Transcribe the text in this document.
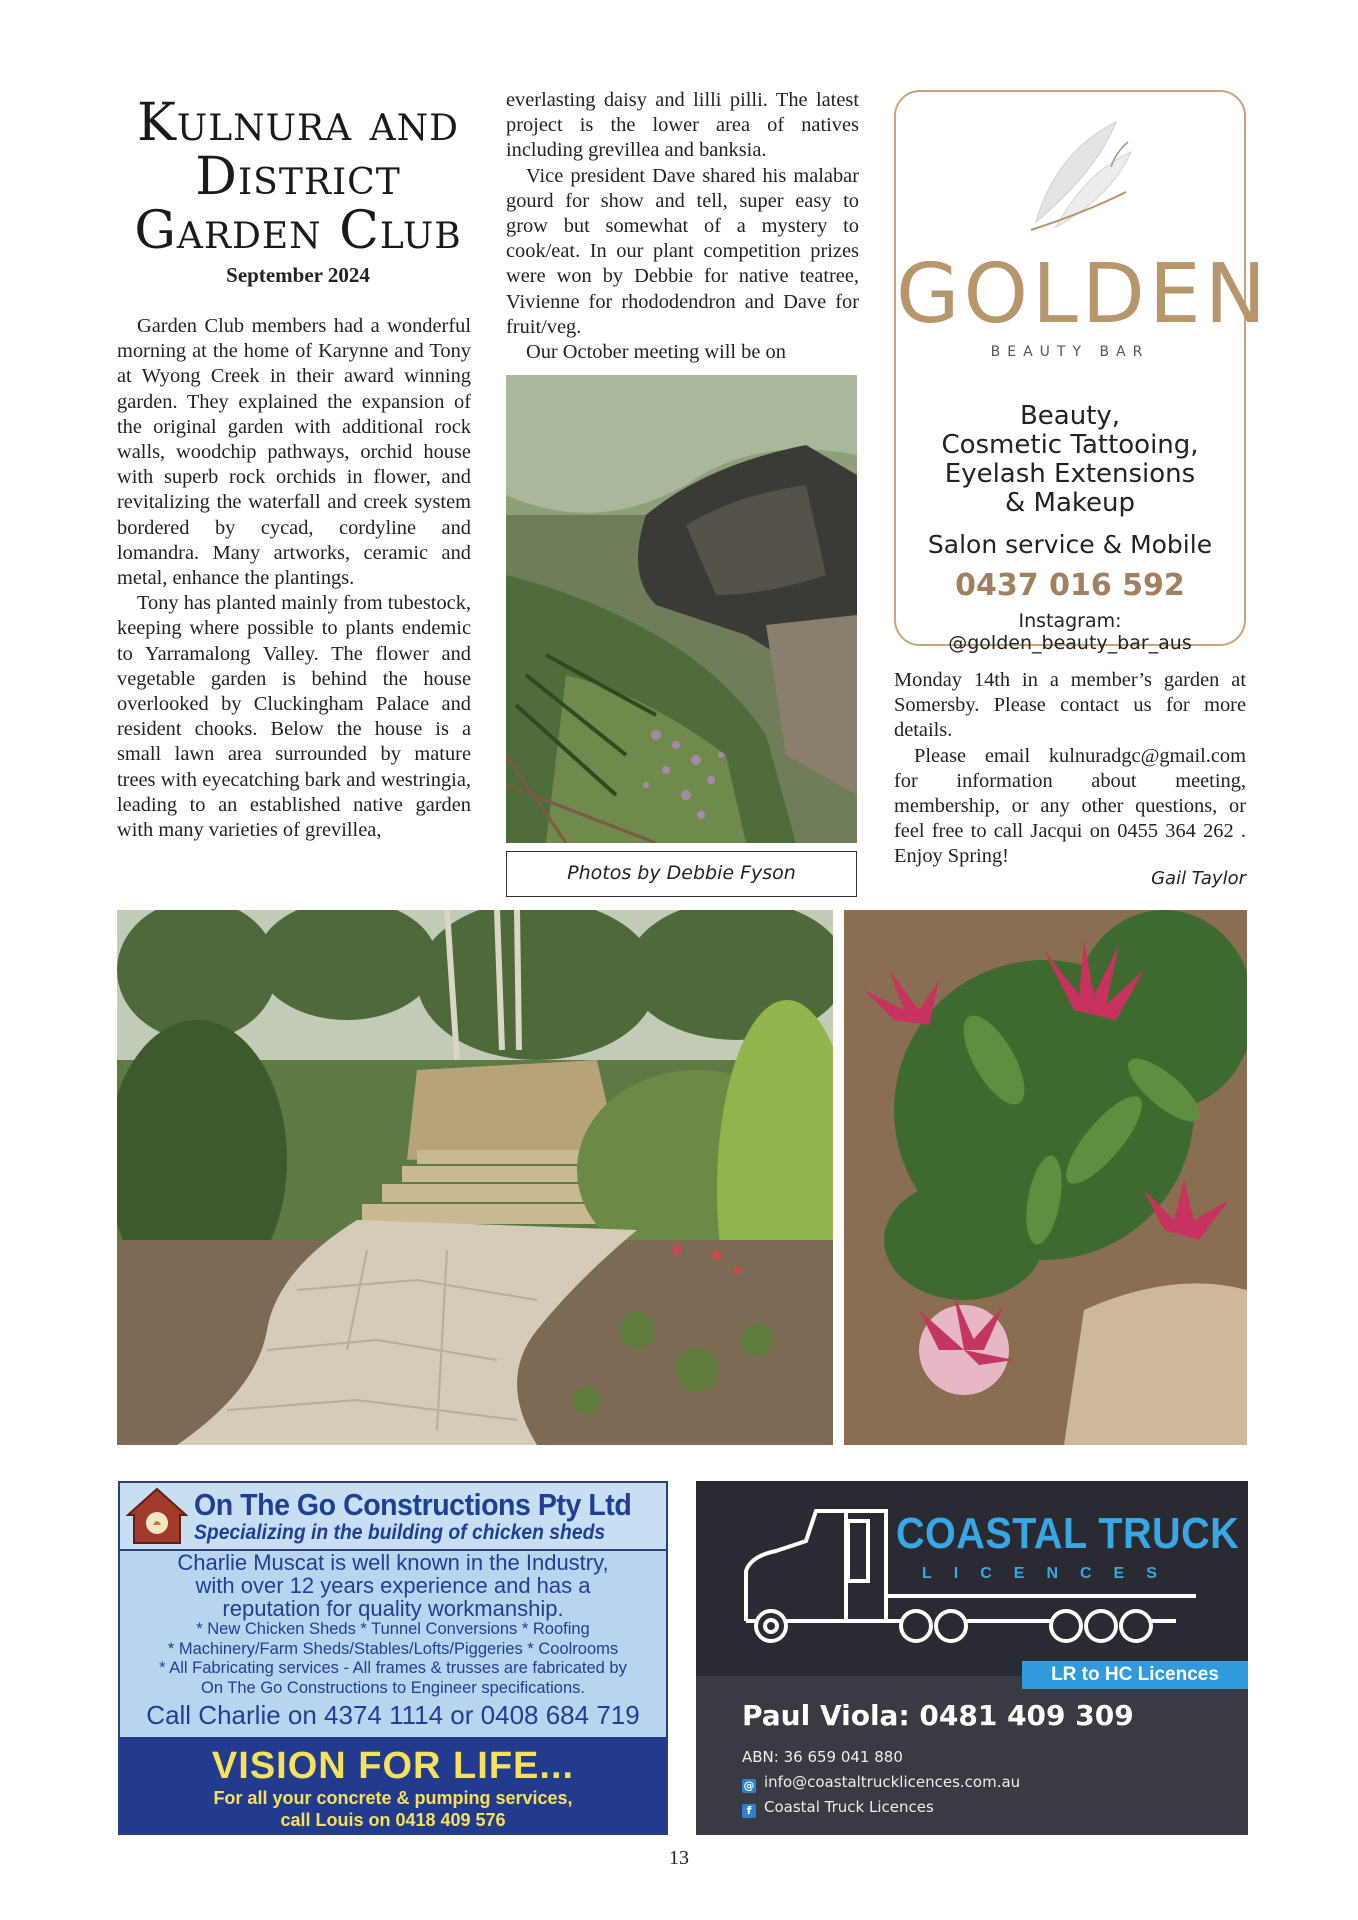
Kulnura and
District
Garden Club
September 2024

Garden Club members had a wonderful morning at the home of Karynne and Tony at Wyong Creek in their award winning garden. They explained the expansion of the original garden with additional rock walls, woodchip pathways, orchid house with superb rock orchids in flower, and revitalizing the waterfall and creek system bordered by cycad, cordyline and lomandra. Many artworks, ceramic and metal, enhance the plantings.

Tony has planted mainly from tubestock, keeping where possible to plants endemic to Yarramalong Valley. The flower and vegetable garden is behind the house overlooked by Cluckingham Palace and resident chooks. Below the house is a small lawn area surrounded by mature trees with eyecatching bark and westringia, leading to an established native garden with many varieties of grevillea,

everlasting daisy and lilli pilli. The latest project is the lower area of natives including grevillea and banksia.

Vice president Dave shared his malabar gourd for show and tell, super easy to grow but somewhat of a mystery to cook/eat. In our plant competition prizes were won by Debbie for native teatree, Vivienne for rhododendron and Dave for fruit/veg.

Our October meeting will be on

Photos by Debbie Fyson
GOLDEN
BEAUTY BAR
Beauty,
Cosmetic Tattooing,
Eyelash Extensions
& Makeup
Salon service & Mobile
0437 016 592
Instagram: @golden_beauty_bar_aus

Monday 14th in a member’s garden at Somersby. Please contact us for more details.

Please email kulnuradgc@gmail.com for information about meeting, membership, or any other questions, or feel free to call Jacqui on 0455 364 262 . Enjoy Spring!

Gail Taylor
On The Go Constructions Pty Ltd
Specializing in the building of chicken sheds
Charlie Muscat is well known in the Industry,
with over 12 years experience and has a
reputation for quality workmanship.
* New Chicken Sheds * Tunnel Conversions * Roofing
* Machinery/Farm Sheds/Stables/Lofts/Piggeries * Coolrooms
* All Fabricating services - All frames & trusses are fabricated by
On The Go Constructions to Engineer specifications.
Call Charlie on 4374 1114 or 0408 684 719
VISION FOR LIFE...
For all your concrete & pumping services,
call Louis on 0418 409 576
COASTAL TRUCK
LICENCES
LR to HC Licences
Paul Viola: 0481 409 309
ABN: 36 659 041 880
@ info@coastaltrucklicences.com.au
f Coastal Truck Licences
13
